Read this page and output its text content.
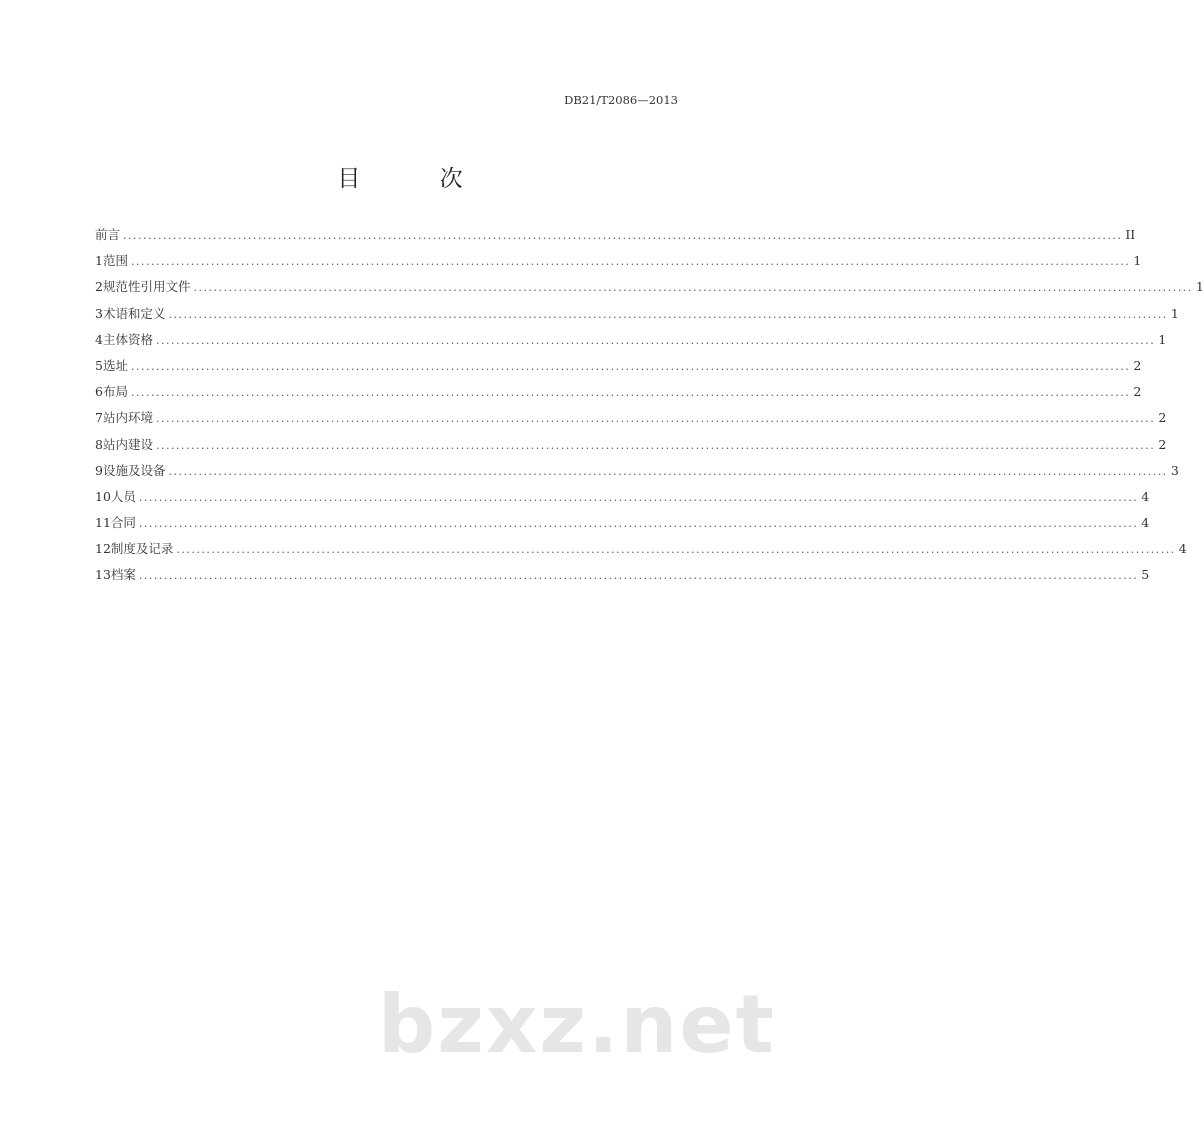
DB21/T2086—2013
目 次
前言 ........................................................................................................................................................................................................ II
1 范围 ........................................................................................................................................................................................................ 1
2 规范性引用文件 ........................................................................................................................................................................................................ 1
3 术语和定义 ........................................................................................................................................................................................................ 1
4 主体资格 ........................................................................................................................................................................................................ 1
5 选址 ........................................................................................................................................................................................................ 2
6 布局 ........................................................................................................................................................................................................ 2
7 站内环境 ........................................................................................................................................................................................................ 2
8 站内建设 ........................................................................................................................................................................................................ 2
9 设施及设备 ........................................................................................................................................................................................................ 3
10 人员 ........................................................................................................................................................................................................ 4
11 合同 ........................................................................................................................................................................................................ 4
12 制度及记录 ........................................................................................................................................................................................................ 4
13 档案 ........................................................................................................................................................................................................ 5
bzxz.net
